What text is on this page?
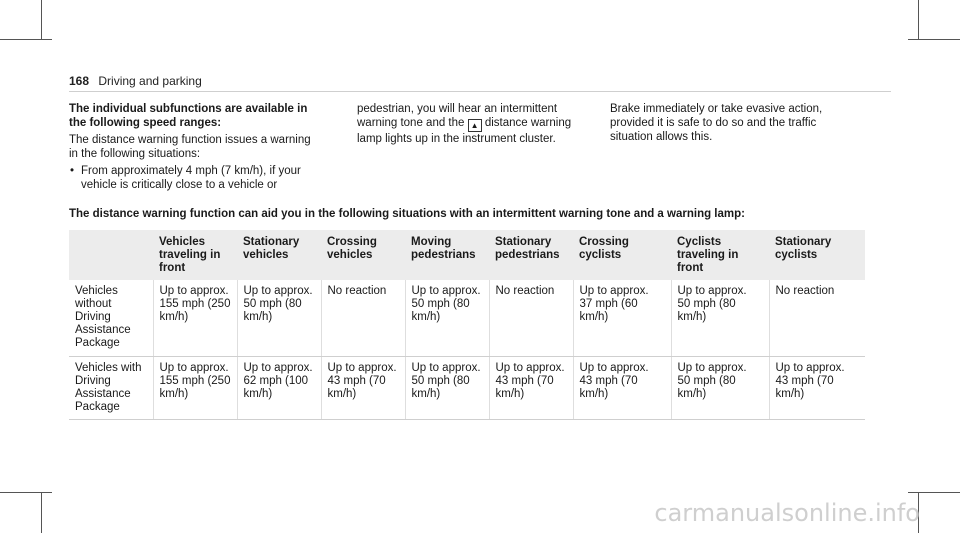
168 Driving and parking

The individual subfunctions are available in the following speed ranges:

The distance warning function issues a warning in the following situations:

• From approximately 4 mph (7 km/h), if your vehicle is critically close to a vehicle or

pedestrian, you will hear an intermittent warning tone and the ▲ distance warning lamp lights up in the instrument cluster.

Brake immediately or take evasive action, provided it is safe to do so and the traffic situation allows this.

The distance warning function can aid you in the following situations with an intermittent warning tone and a warning lamp:
	Vehicles traveling in front	Stationary vehicles	Crossing vehicles	Moving pedestrians	Stationary pedestrians	Crossing cyclists	Cyclists traveling in front	Stationary cyclists
Vehicles without Driving Assistance Package	Up to approx. 155 mph (250 km/h)	Up to approx. 50 mph (80 km/h)	No reaction	Up to approx. 50 mph (80 km/h)	No reaction	Up to approx. 37 mph (60 km/h)	Up to approx. 50 mph (80 km/h)	No reaction
Vehicles with Driving Assistance Package	Up to approx. 155 mph (250 km/h)	Up to approx. 62 mph (100 km/h)	Up to approx. 43 mph (70 km/h)	Up to approx. 50 mph (80 km/h)	Up to approx. 43 mph (70 km/h)	Up to approx. 43 mph (70 km/h)	Up to approx. 50 mph (80 km/h)	Up to approx. 43 mph (70 km/h)
carmanualsonline.info
